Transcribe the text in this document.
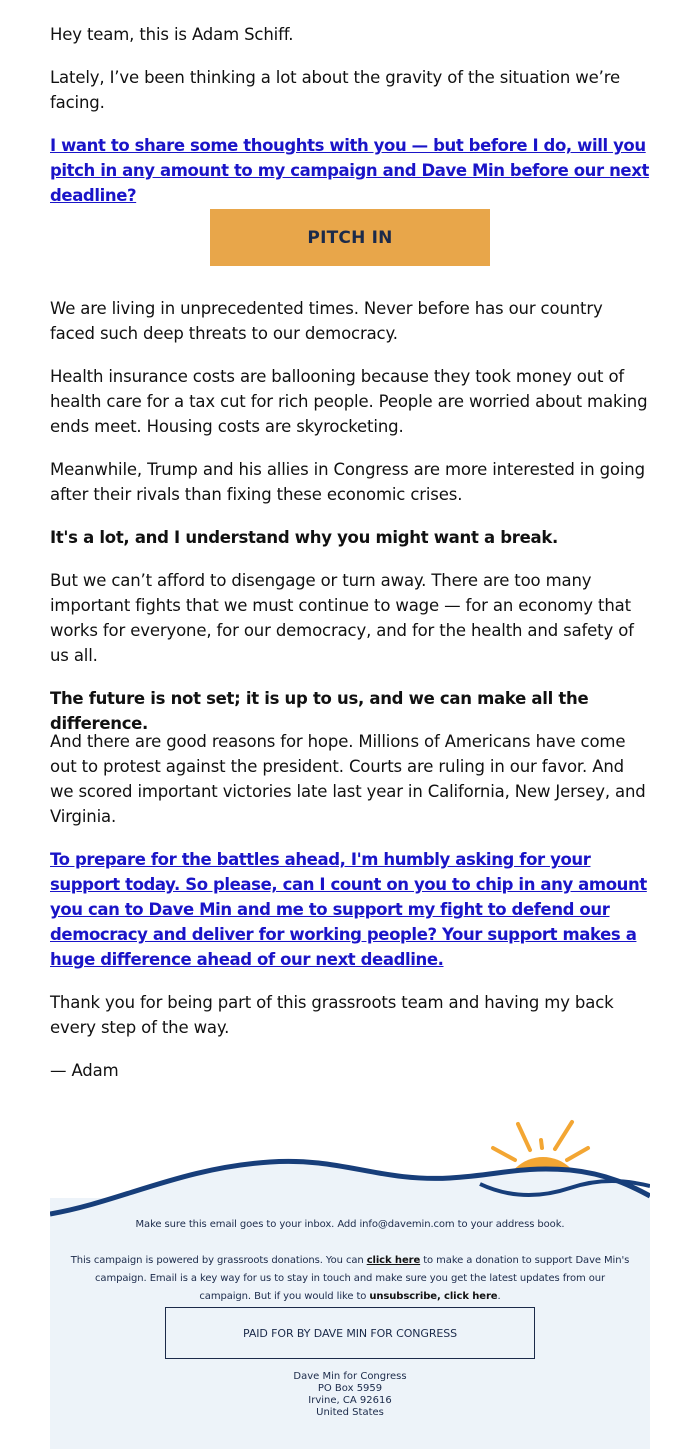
Hey team, this is Adam Schiff.

Lately, I’ve been thinking a lot about the gravity of the situation we’re facing.

I want to share some thoughts with you — but before I do, will you pitch in any amount to my campaign and Dave Min before our next deadline?

PITCH IN

We are living in unprecedented times. Never before has our country faced such deep threats to our democracy.

Health insurance costs are ballooning because they took money out of health care for a tax cut for rich people. People are worried about making ends meet. Housing costs are skyrocketing.

Meanwhile, Trump and his allies in Congress are more interested in going after their rivals than fixing these economic crises.

It's a lot, and I understand why you might want a break.

But we can’t afford to disengage or turn away. There are too many important fights that we must continue to wage — for an economy that works for everyone, for our democracy, and for the health and safety of us all.

The future is not set; it is up to us, and we can make all the difference.

And there are good reasons for hope. Millions of Americans have come out to protest against the president. Courts are ruling in our favor. And we scored important victories late last year in California, New Jersey, and Virginia.

To prepare for the battles ahead, I'm humbly asking for your support today. So please, can I count on you to chip in any amount you can to Dave Min and me to support my fight to defend our democracy and deliver for working people? Your support makes a huge difference ahead of our next deadline.

Thank you for being part of this grassroots team and having my back every step of the way.

— Adam

Make sure this email goes to your inbox. Add info@davemin.com to your address book.
This campaign is powered by grassroots donations. You can click here to make a donation to support Dave Min's campaign. Email is a key way for us to stay in touch and make sure you get the latest updates from our campaign. But if you would like to unsubscribe, click here.
PAID FOR BY DAVE MIN FOR CONGRESS
Dave Min for Congress
PO Box 5959
Irvine, CA 92616
United States
